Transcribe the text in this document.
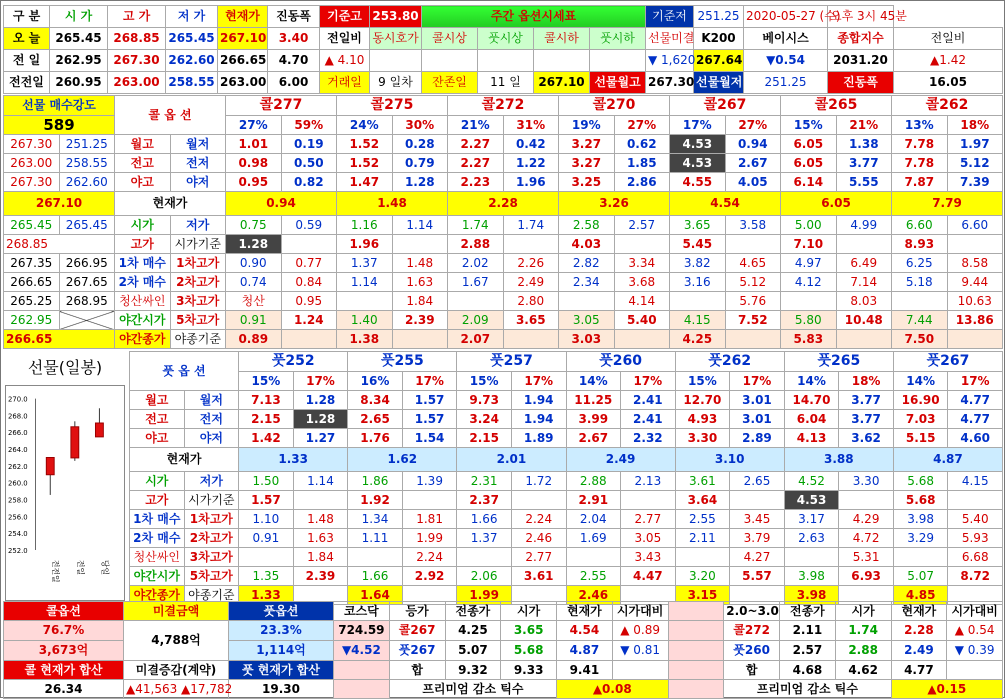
구 분	시 가	고 가	저 가	현재가	진동폭	기준고	253.80	주간 옵션시세표				기준저	251.25	2020-05-27 (수)	오후 3시 45분	
오 늘	265.45	268.85	265.45	267.10	3.40	전일비	동시호가	콜시상	풋시상	콜시하	풋시하	선물미결	K200	베이시스	종합지수	전일비
전 일	262.95	267.30	262.60	266.65	4.70	▲ 4.10						▼ 1,620	267.64	▼0.54	2031.20	▲1.42
전전일	260.95	263.00	258.55	263.00	6.00	거래일	9 일차	잔존일	11 일	267.10	선물월고	267.30	선물월저	251.25	진동폭	16.05
선물 매수강도		콜 옵 션		콜277		콜275		콜272		콜270		콜267		콜265		콜262	
589				27%	59%	24%	30%	21%	31%	19%	27%	17%	27%	15%	21%	13%	18%
267.30	251.25	월고	월저	1.01	0.19	1.52	0.28	2.27	0.42	3.27	0.62	4.53	0.94	6.05	1.38	7.78	1.97
263.00	258.55	전고	전저	0.98	0.50	1.52	0.79	2.27	1.22	3.27	1.85	4.53	2.67	6.05	3.77	7.78	5.12
267.30	262.60	야고	야저	0.95	0.82	1.47	1.28	2.23	1.96	3.25	2.86	4.55	4.05	6.14	5.55	7.87	7.39
267.10		현재가		0.94		1.48		2.28		3.26		4.54		6.05		7.79	
265.45	265.45	시가	저가	0.75	0.59	1.16	1.14	1.74	1.74	2.58	2.57	3.65	3.58	5.00	4.99	6.60	6.60
268.85		고가	시가기준	1.28		1.96		2.88		4.03		5.45		7.10		8.93	
267.35	266.95	1차 매수	1차고가	0.90	0.77	1.37	1.48	2.02	2.26	2.82	3.34	3.82	4.65	4.97	6.49	6.25	8.58
266.65	267.65	2차 매수	2차고가	0.74	0.84	1.14	1.63	1.67	2.49	2.34	3.68	3.16	5.12	4.12	7.14	5.18	9.44
265.25	268.95	청산싸인	3차고가	청산	0.95		1.84		2.80		4.14		5.76		8.03		10.63
262.95		야간시가	5차고가	0.91	1.24	1.40	2.39	2.09	3.65	3.05	5.40	4.15	7.52	5.80	10.48	7.44	13.86
266.65		야간종가	야종기준	0.89		1.38		2.07		3.03		4.25		5.83		7.50	
풋 옵 션		풋252		풋255		풋257		풋260		풋262		풋265		풋267	
		15%	17%	16%	17%	15%	17%	14%	17%	15%	17%	14%	18%	14%	17%
월고	월저	7.13	1.28	8.34	1.57	9.73	1.94	11.25	2.41	12.70	3.01	14.70	3.77	16.90	4.77
전고	전저	2.15	1.28	2.65	1.57	3.24	1.94	3.99	2.41	4.93	3.01	6.04	3.77	7.03	4.77
야고	야저	1.42	1.27	1.76	1.54	2.15	1.89	2.67	2.32	3.30	2.89	4.13	3.62	5.15	4.60
현재가		1.33		1.62		2.01		2.49		3.10		3.88		4.87	
시가	저가	1.50	1.14	1.86	1.39	2.31	1.72	2.88	2.13	3.61	2.65	4.52	3.30	5.68	4.15
고가	시가기준	1.57		1.92		2.37		2.91		3.64		4.53		5.68	
1차 매수	1차고가	1.10	1.48	1.34	1.81	1.66	2.24	2.04	2.77	2.55	3.45	3.17	4.29	3.98	5.40
2차 매수	2차고가	0.91	1.63	1.11	1.99	1.37	2.46	1.69	3.05	2.11	3.79	2.63	4.72	3.29	5.93
청산싸인	3차고가		1.84		2.24		2.77		3.43		4.27		5.31		6.68
야간시가	5차고가	1.35	2.39	1.66	2.92	2.06	3.61	2.55	4.47	3.20	5.57	3.98	6.93	5.07	8.72
야간종가	야종기준	1.33		1.64		1.99		2.46		3.15		3.98		4.85	
선물(일봉)
270.0
268.0
266.0
264.0
262.0
260.0
258.0
256.0
254.0
252.0
전전일 전일 당일
콜옵션	미결금액	풋옵션	코스닥	등가	전종가	시가	현재가	시가대비		2.0~3.0	전종가	시가	현재가	시가대비
76.7%	4,788억	23.3%	724.59	콜267	4.25	3.65	4.54	▲ 0.89		콜272	2.11	1.74	2.28	▲ 0.54
3,673억		1,114억	▼4.52	풋267	5.07	5.68	4.87	▼ 0.81		풋260	2.57	2.88	2.49	▼ 0.39
콜 현재가 합산	미결증감(계약)	풋 현재가 합산		합	9.32	9.33	9.41			합	4.68	4.62	4.77	
26.34	▲41,563 ▲17,782	19.30		프리미엄 감소 틱수			▲0.08			프리미엄 감소 틱수			▲0.15	
